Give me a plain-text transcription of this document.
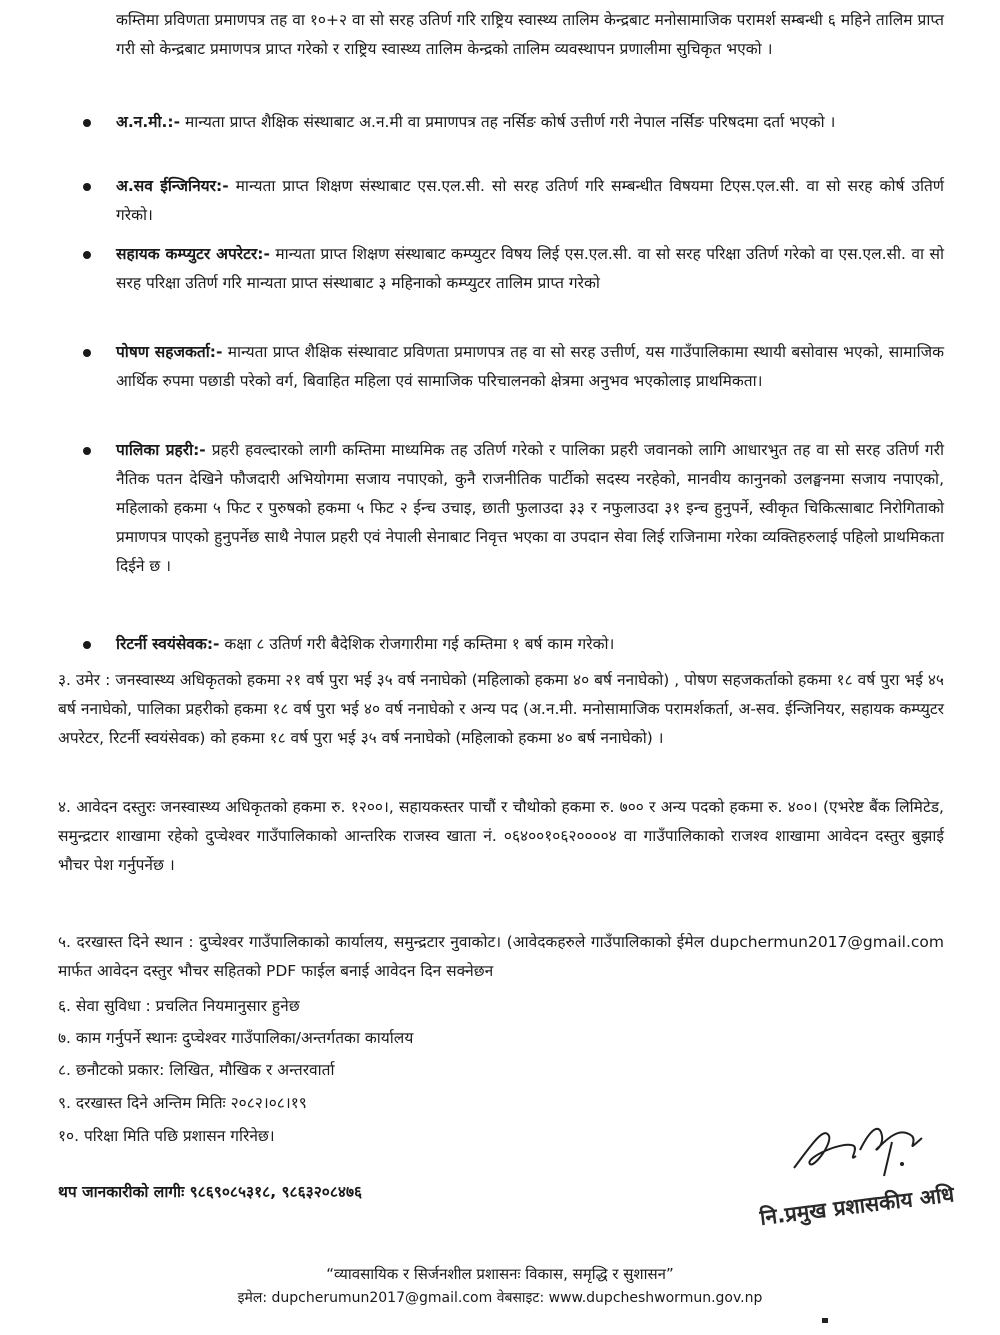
कम्तिमा प्रविणता प्रमाणपत्र तह वा १०+२ वा सो सरह उतिर्ण गरि राष्ट्रिय स्वास्थ्य तालिम केन्द्रबाट मनोसामाजिक परामर्श सम्बन्धी ६ महिने तालिम प्राप्त गरी सो केन्द्रबाट प्रमाणपत्र प्राप्त गरेको र राष्ट्रिय स्वास्थ्य तालिम केन्द्रको तालिम व्यवस्थापन प्रणालीमा सुचिकृत भएको ।

अ.न.मी.:- मान्यता प्राप्त शैक्षिक संस्थाबाट अ.न.मी वा प्रमाणपत्र तह नर्सिङ कोर्ष उत्तीर्ण गरी नेपाल नर्सिङ परिषदमा दर्ता भएको ।
अ.सव ईन्जिनियर:- मान्यता प्राप्त शिक्षण संस्थाबाट एस.एल.सी. सो सरह उतिर्ण गरि सम्बन्धीत विषयमा टिएस.एल.सी. वा सो सरह कोर्ष उतिर्ण गरेको।
सहायक कम्प्युटर अपरेटर:- मान्यता प्राप्त शिक्षण संस्थाबाट कम्प्युटर विषय लिई एस.एल.सी. वा सो सरह परिक्षा उतिर्ण गरेको वा एस.एल.सी. वा सो सरह परिक्षा उतिर्ण गरि मान्यता प्राप्त संस्थाबाट ३ महिनाको कम्प्युटर तालिम प्राप्त गरेको
पोषण सहजकर्ता:- मान्यता प्राप्त शैक्षिक संस्थावाट प्रविणता प्रमाणपत्र तह वा सो सरह उत्तीर्ण, यस गाउँपालिकामा स्थायी बसोवास भएको, सामाजिक आर्थिक रुपमा पछाडी परेको वर्ग, बिवाहित महिला एवं सामाजिक परिचालनको क्षेत्रमा अनुभव भएकोलाइ प्राथमिकता।
पालिका प्रहरी:- प्रहरी हवल्दारको लागी कम्तिमा माध्यमिक तह उतिर्ण गरेको र पालिका प्रहरी जवानको लागि आधारभुत तह वा सो सरह उतिर्ण गरी नैतिक पतन देखिने फौजदारी अभियोगमा सजाय नपाएको, कुनै राजनीतिक पार्टीको सदस्य नरहेको, मानवीय कानुनको उलङ्घनमा सजाय नपाएको, महिलाको हकमा ५ फिट र पुरुषको हकमा ५ फिट २ ईन्च उचाइ, छाती फुलाउदा ३३ र नफुलाउदा ३१ इन्च हुनुपर्ने, स्वीकृत चिकित्साबाट निरोगिताको प्रमाणपत्र पाएको हुनुपर्नेछ साथै नेपाल प्रहरी एवं नेपाली सेनाबाट निवृत्त भएका वा उपदान सेवा लिई राजिनामा गरेका व्यक्तिहरुलाई पहिलो प्राथमिकता दिईने छ ।
रिटर्नी स्वयंसेवक:- कक्षा ८ उतिर्ण गरी बैदेशिक रोजगारीमा गई कम्तिमा १ बर्ष काम गरेको।
३. उमेर : जनस्वास्थ्य अधिकृतको हकमा २१ वर्ष पुरा भई ३५ वर्ष ननाघेको (महिलाको हकमा ४० बर्ष ननाघेको) , पोषण सहजकर्ताको हकमा १८ वर्ष पुरा भई ४५ बर्ष ननाघेको, पालिका प्रहरीको हकमा १८ वर्ष पुरा भई ४० वर्ष ननाघेको र अन्य पद (अ.न.मी. मनोसामाजिक परामर्शकर्ता, अ-सव. ईन्जिनियर, सहायक कम्प्युटर अपरेटर, रिटर्नी स्वयंसेवक) को हकमा १८ वर्ष पुरा भई ३५ वर्ष ननाघेको (महिलाको हकमा ४० बर्ष ननाघेको) ।
४. आवेदन दस्तुरः जनस्वास्थ्य अधिकृतको हकमा रु. १२००।, सहायकस्तर पाचौं र चौथोको हकमा रु. ७०० र अन्य पदको हकमा रु. ४००। (एभरेष्ट बैंक लिमिटेड, समुन्द्रटार शाखामा रहेको दुप्चेश्वर गाउँपालिकाको आन्तरिक राजस्व खाता नं. ०६४००१०६२००००४ वा गाउँपालिकाको राजश्व शाखामा आवेदन दस्तुर बुझाई भौचर पेश गर्नुपर्नेछ ।
५. दरखास्त दिने स्थान : दुप्चेश्वर गाउँपालिकाको कार्यालय, समुन्द्रटार नुवाकोट। (आवेदकहरुले गाउँपालिकाको ईमेल dupchermun2017@gmail.com मार्फत आवेदन दस्तुर भौचर सहितको PDF फाईल बनाई आवेदन दिन सक्नेछन
६. सेवा सुविधा : प्रचलित नियमानुसार हुनेछ
७. काम गर्नुपर्ने स्थानः दुप्चेश्वर गाउँपालिका/अन्तर्गतका कार्यालय
८. छनौटको प्रकार: लिखित, मौखिक र अन्तरवार्ता
९. दरखास्त दिने अन्तिम मितिः २०८२।०८।१९
१०. परिक्षा मिति पछि प्रशासन गरिनेछ।
थप जानकारीको लागीः ९८६९०८५३१८, ९८६३२०८४७६	नि.प्रमुख प्रशासकीय अधि
“व्यावसायिक र सिर्जनशील प्रशासनः विकास, समृद्धि र सुशासन”
इमेल: dupcherumun2017@gmail.com वेबसाइट: www.dupcheshwormun.gov.np
